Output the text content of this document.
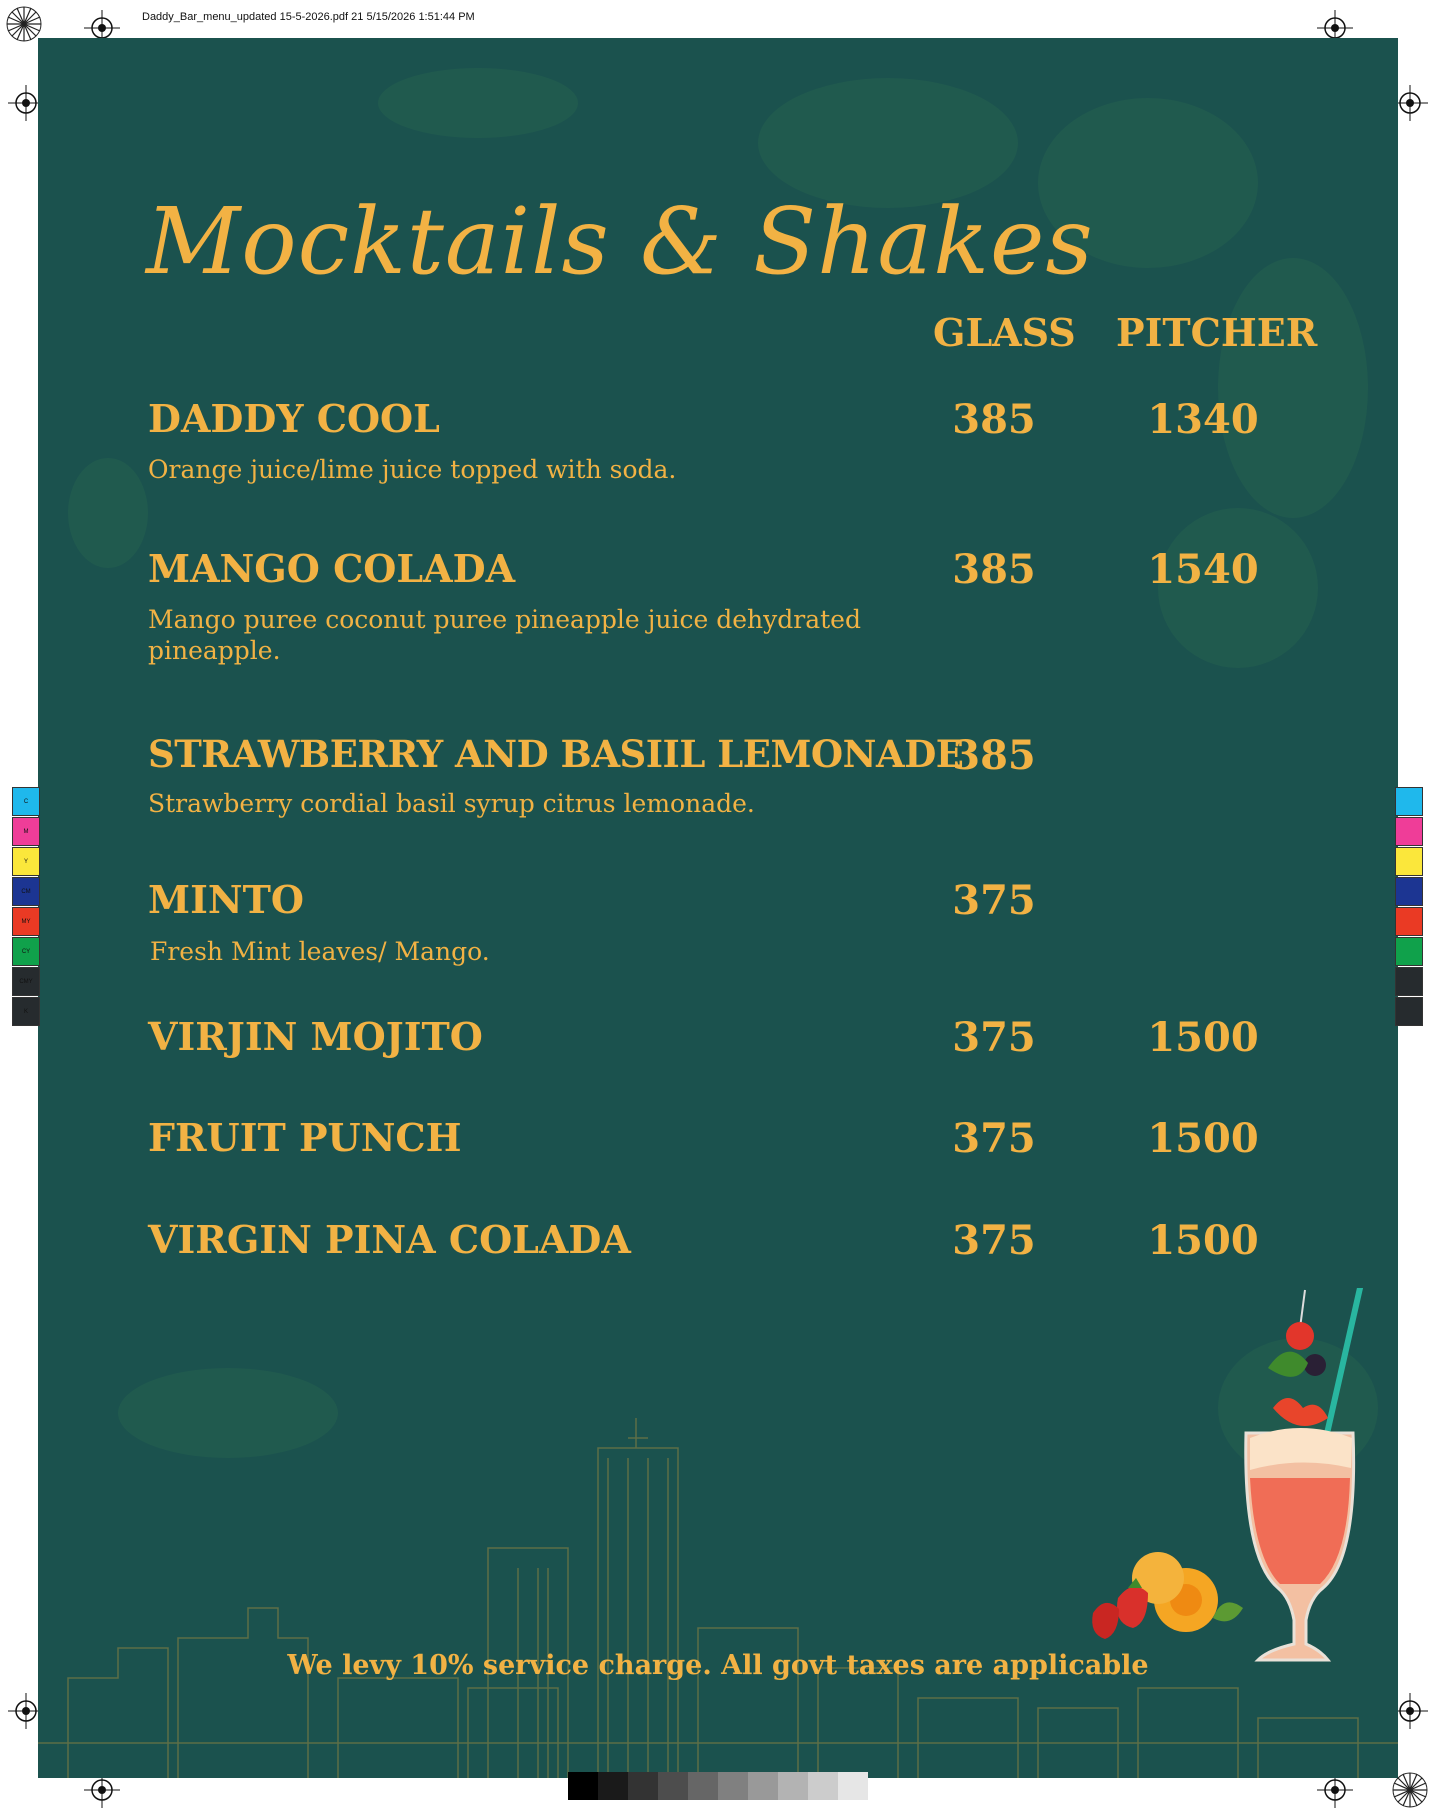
Daddy_Bar_menu_updated 15-5-2026.pdf 21 5/15/2026 1:51:44 PM
Mocktails & Shakes
GLASS PITCHER
DADDY COOL
Orange juice/lime juice topped with soda.
385	1340
MANGO COLADA
Mango puree coconut puree pineapple juice dehydrated pineapple.
385	1540
STRAWBERRY AND BASIIL LEMONADE
Strawberry cordial basil syrup citrus lemonade.
385
MINTO
Fresh Mint leaves/ Mango.
375
VIRJIN MOJITO	375	1500
FRUIT PUNCH	375	1500
VIRGIN PINA COLADA	375	1500
We levy 10% service charge. All govt taxes are applicable
C
M
Y
CM
MY
CY
CMY
K
